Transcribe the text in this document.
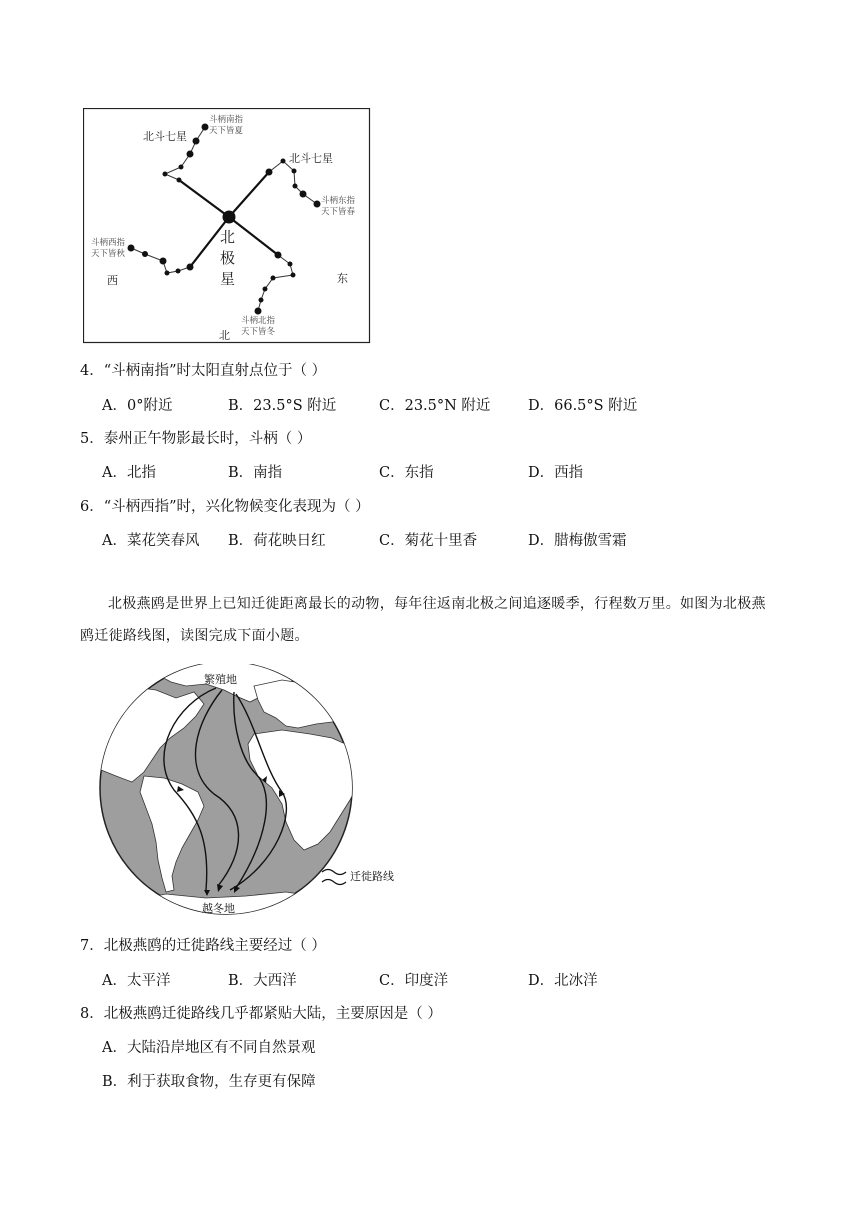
北斗七星
北斗七星
斗柄南指
天下皆夏
斗柄东指
天下皆春
斗柄西指
天下皆秋
斗柄北指
天下皆冬
北
极
星
西	东
北
4．“斗柄南指”时太阳直射点位于（ ）
A．0°附近	B．23.5°S 附近	C．23.5°N 附近	D．66.5°S 附近
5．泰州正午物影最长时，斗柄（ ）
A．北指	B．南指	C．东指	D．西指
6．“斗柄西指”时，兴化物候变化表现为（ ）
A．菜花笑春风 B．荷花映日红	C．菊花十里香	D．腊梅傲雪霜
北极燕鸥是世界上已知迁徙距离最长的动物，每年往返南北极之间追逐暖季，行程数万里。如图为北极燕鸥迁徙路线图，读图完成下面小题。
繁殖地
越冬地
迁徙路线
7．北极燕鸥的迁徙路线主要经过（ ）
A．太平洋	B．大西洋	C．印度洋	D．北冰洋
8．北极燕鸥迁徙路线几乎都紧贴大陆，主要原因是（ ）
A．大陆沿岸地区有不同自然景观
B．利于获取食物，生存更有保障
